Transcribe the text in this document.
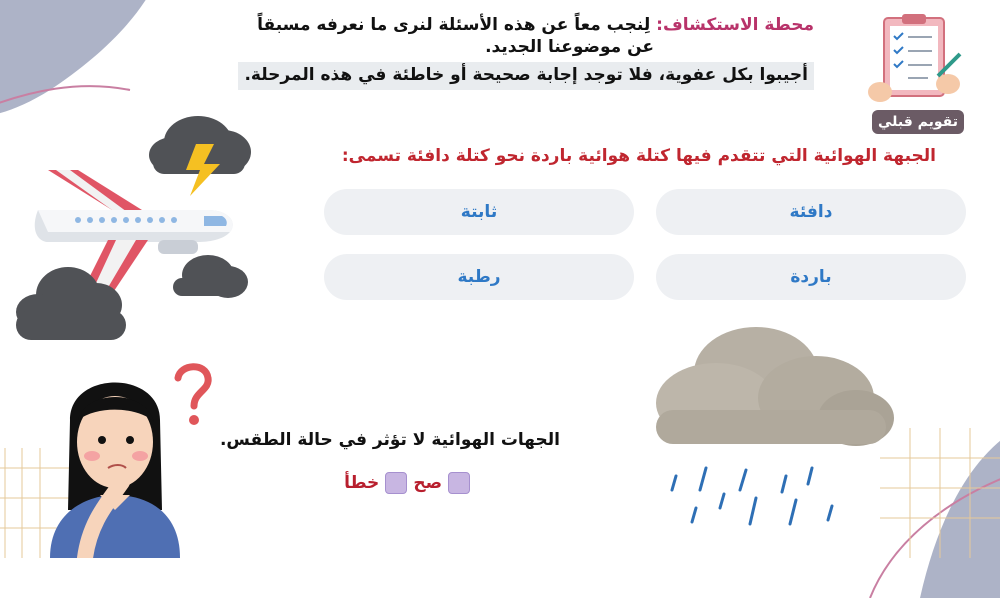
محطة الاستكشاف: لِنجب معاً عن هذه الأسئلة لنرى ما نعرفه مسبقاً
عن موضوعنا الجديد.
أجيبوا بكل عفوية، فلا توجد إجابة صحيحة أو خاطئة في هذه المرحلة.
تقويم قبلي
الجبهة الهوائية التي تتقدم فيها كتلة هوائية باردة نحو كتلة دافئة تسمى:
دافئة
ثابتة
باردة
رطبة
الجهات الهوائية لا تؤثر في حالة الطقس.
صح
خطأ
